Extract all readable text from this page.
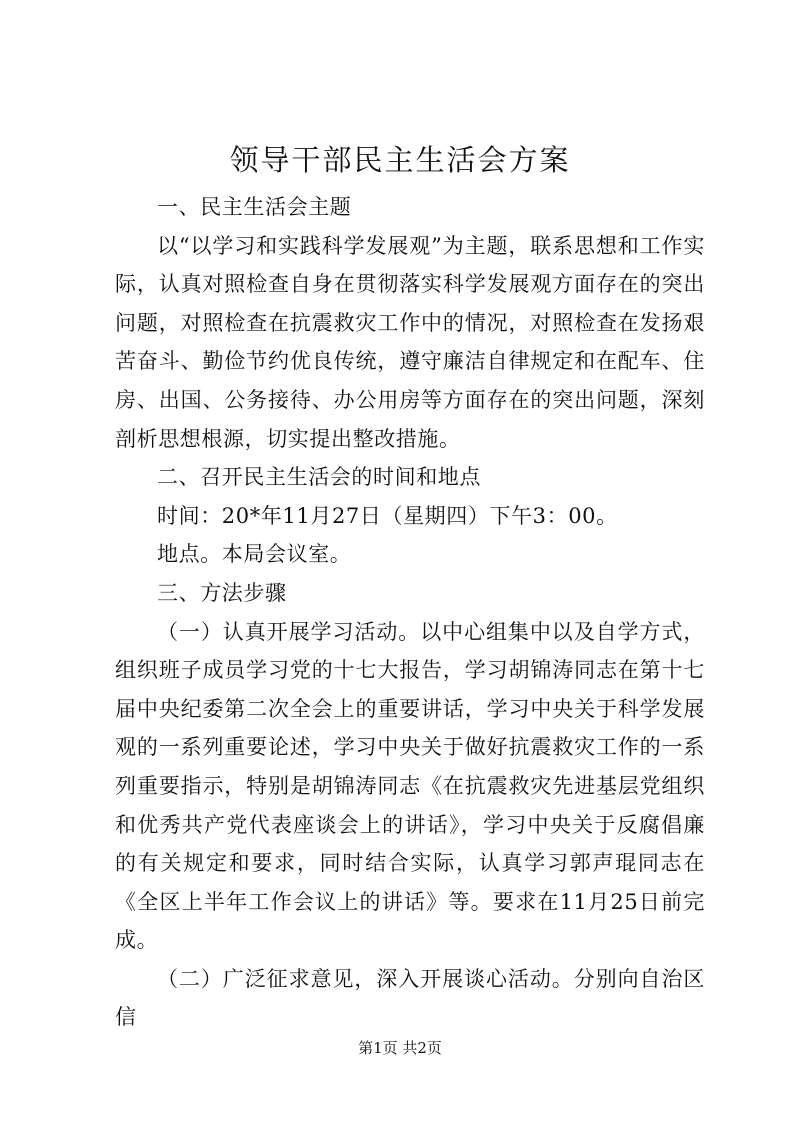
领导干部民主生活会方案

一、民主生活会主题

以“以学习和实践科学发展观”为主题，联系思想和工作实际，认真对照检查自身在贯彻落实科学发展观方面存在的突出问题，对照检查在抗震救灾工作中的情况，对照检查在发扬艰苦奋斗、勤俭节约优良传统，遵守廉洁自律规定和在配车、住房、出国、公务接待、办公用房等方面存在的突出问题，深刻剖析思想根源，切实提出整改措施。

二、召开民主生活会的时间和地点

时间：20*年11月27日（星期四）下午3：00。

地点。本局会议室。

三、方法步骤

（一）认真开展学习活动。以中心组集中以及自学方式，组织班子成员学习党的十七大报告，学习胡锦涛同志在第十七届中央纪委第二次全会上的重要讲话，学习中央关于科学发展观的一系列重要论述，学习中央关于做好抗震救灾工作的一系列重要指示，特别是胡锦涛同志《在抗震救灾先进基层党组织和优秀共产党代表座谈会上的讲话》，学习中央关于反腐倡廉的有关规定和要求，同时结合实际，认真学习郭声琨同志在《全区上半年工作会议上的讲话》等。要求在11月25日前完成。

（二）广泛征求意见，深入开展谈心活动。分别向自治区信

第1页 共2页
